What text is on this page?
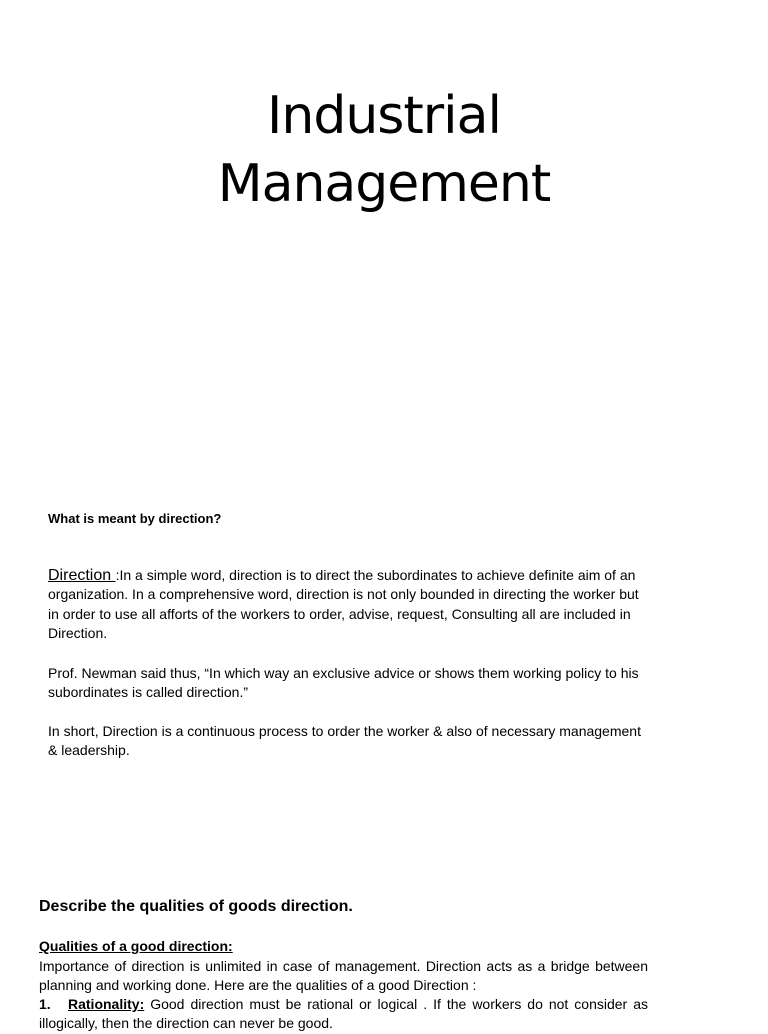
Industrial
Management
What is meant by direction?

Direction :In a simple word, direction is to direct the subordinates to achieve definite aim of an organization. In a comprehensive word, direction is not only bounded in directing the worker but in order to use all afforts of the workers to order, advise, request, Consulting all are included in Direction.

Prof. Newman said thus, “In which way an exclusive advice or shows them working policy to his subordinates is called direction.”

In short, Direction is a continuous process to order the worker & also of necessary management & leadership.

Describe the qualities of goods direction.
Qualities of a good direction:

Importance of direction is unlimited in case of management. Direction acts as a bridge between planning and working done. Here are the qualities of a good Direction :

1. Rationality: Good direction must be rational or logical . If the workers do not consider as illogically, then the direction can never be good.
